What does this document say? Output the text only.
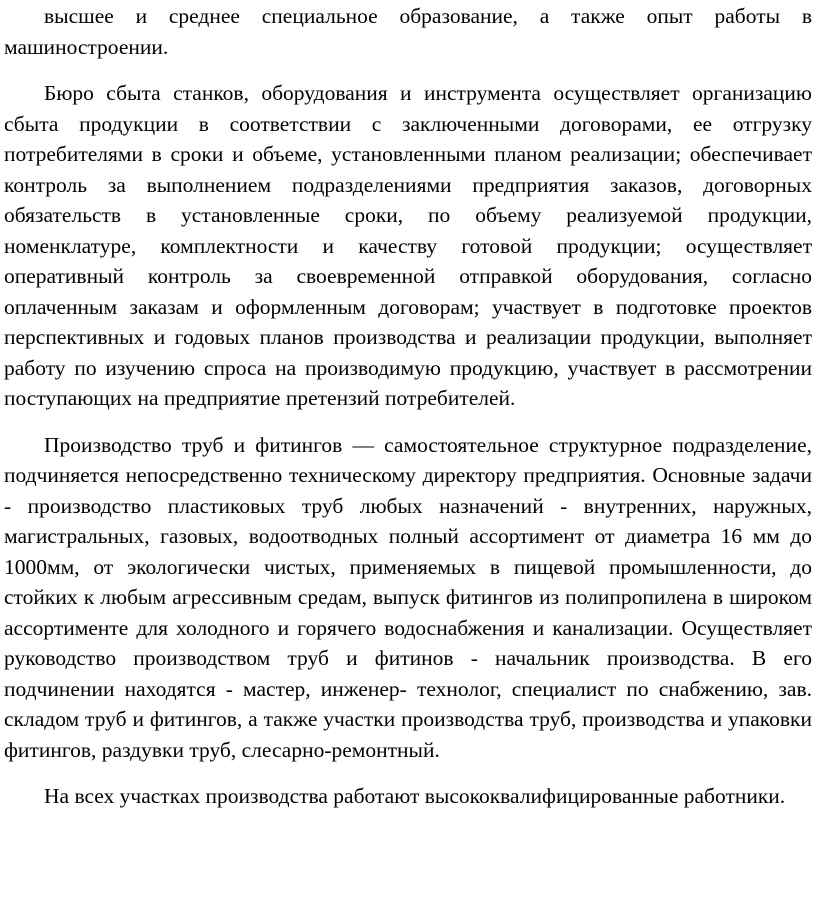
высшее и среднее специальное образование, а также опыт работы в машиностроении.

Бюро сбыта станков, оборудования и инструмента осуществляет организацию сбыта продукции в соответствии с заключенными договорами, ее отгрузку потребителями в сроки и объеме, установленными планом реализации; обеспечивает контроль за выполнением подразделениями предприятия заказов, договорных обязательств в установленные сроки, по объему реализуемой продукции, номенклатуре, комплектности и качеству готовой продукции; осуществляет оперативный контроль за своевременной отправкой оборудования, согласно оплаченным заказам и оформленным договорам; участвует в подготовке проектов перспективных и годовых планов производства и реализации продукции, выполняет работу по изучению спроса на производимую продукцию, участвует в рассмотрении поступающих на предприятие претензий потребителей.

Производство труб и фитингов — самостоятельное структурное подразделение, подчиняется непосредственно техническому директору предприятия. Основные задачи - производство пластиковых труб любых назначений - внутренних, наружных, магистральных, газовых, водоотводных полный ассортимент от диаметра 16 мм до 1000мм, от экологически чистых, применяемых в пищевой промышленности, до стойких к любым агрессивным средам, выпуск фитингов из полипропилена в широком ассортименте для холодного и горячего водоснабжения и канализации. Осуществляет руководство производством труб и фитинов - начальник производства. В его подчинении находятся - мастер, инженер- технолог, специалист по снабжению, зав. складом труб и фитингов, а также участки производства труб, производства и упаковки фитингов, раздувки труб, слесарно-ремонтный.

На всех участках производства работают высококвалифицированные работники.
